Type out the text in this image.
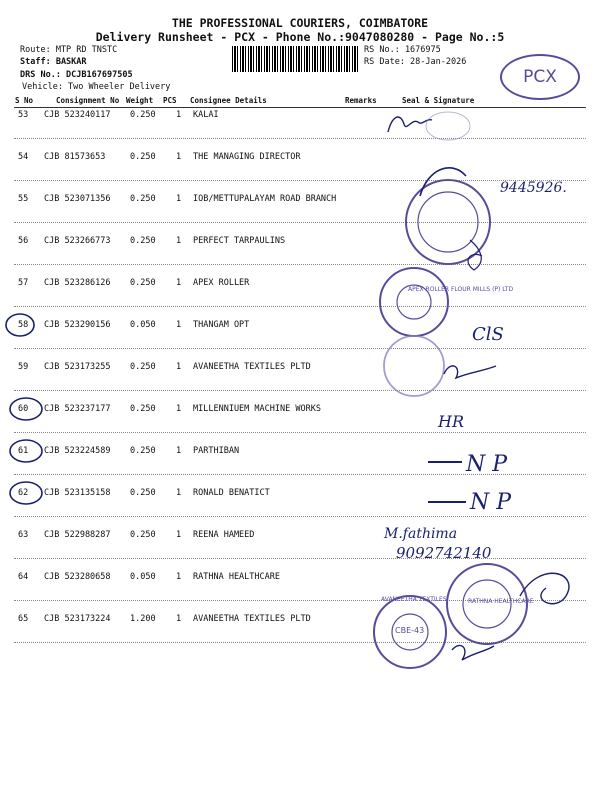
THE PROFESSIONAL COURIERS, COIMBATORE
Delivery Runsheet - PCX - Phone No.:9047080280 - Page No.:5
Route: MTP RD TNSTC
Staff: BASKAR
DRS No.: DCJB167697505
Vehicle: Two Wheeler Delivery
RS No.: 1676975
RS Date: 28-Jan-2026
PCX
S No	Consignment No Weight PCS Consignee Details	Remarks	Seal & Signature
53 CJB 523240117 0.250 1 KALAI
54 CJB 81573653	0.250 1 THE MANAGING DIRECTOR
55 CJB 523071356 0.250 1 IOB/METTUPALAYAM ROAD BRANCH
56 CJB 523266773 0.250 1 PERFECT TARPAULINS
57 CJB 523286126 0.250 1 APEX ROLLER
58 CJB 523290156 0.050 1 THANGAM OPT
59 CJB 523173255 0.250 1 AVANEETHA TEXTILES PLTD
60 CJB 523237177 0.250 1 MILLENNIUEM MACHINE WORKS
61 CJB 523224589 0.250 1 PARTHIBAN
62 CJB 523135158 0.250 1 RONALD BENATICT
63 CJB 522988287 0.250 1 REENA HAMEED
64 CJB 523280658 0.050 1 RATHNA HEALTHCARE
65 CJB 523173224 1.200 1 AVANEETHA TEXTILES PLTD
9445926.
APEX ROLLER FLOUR MILLS (P) LTD
ClS
HR
N P
N P
M.fathima
9092742140
RATHNA HEALTHCARE
AVANEETHA TEXTILES
CBE-43
